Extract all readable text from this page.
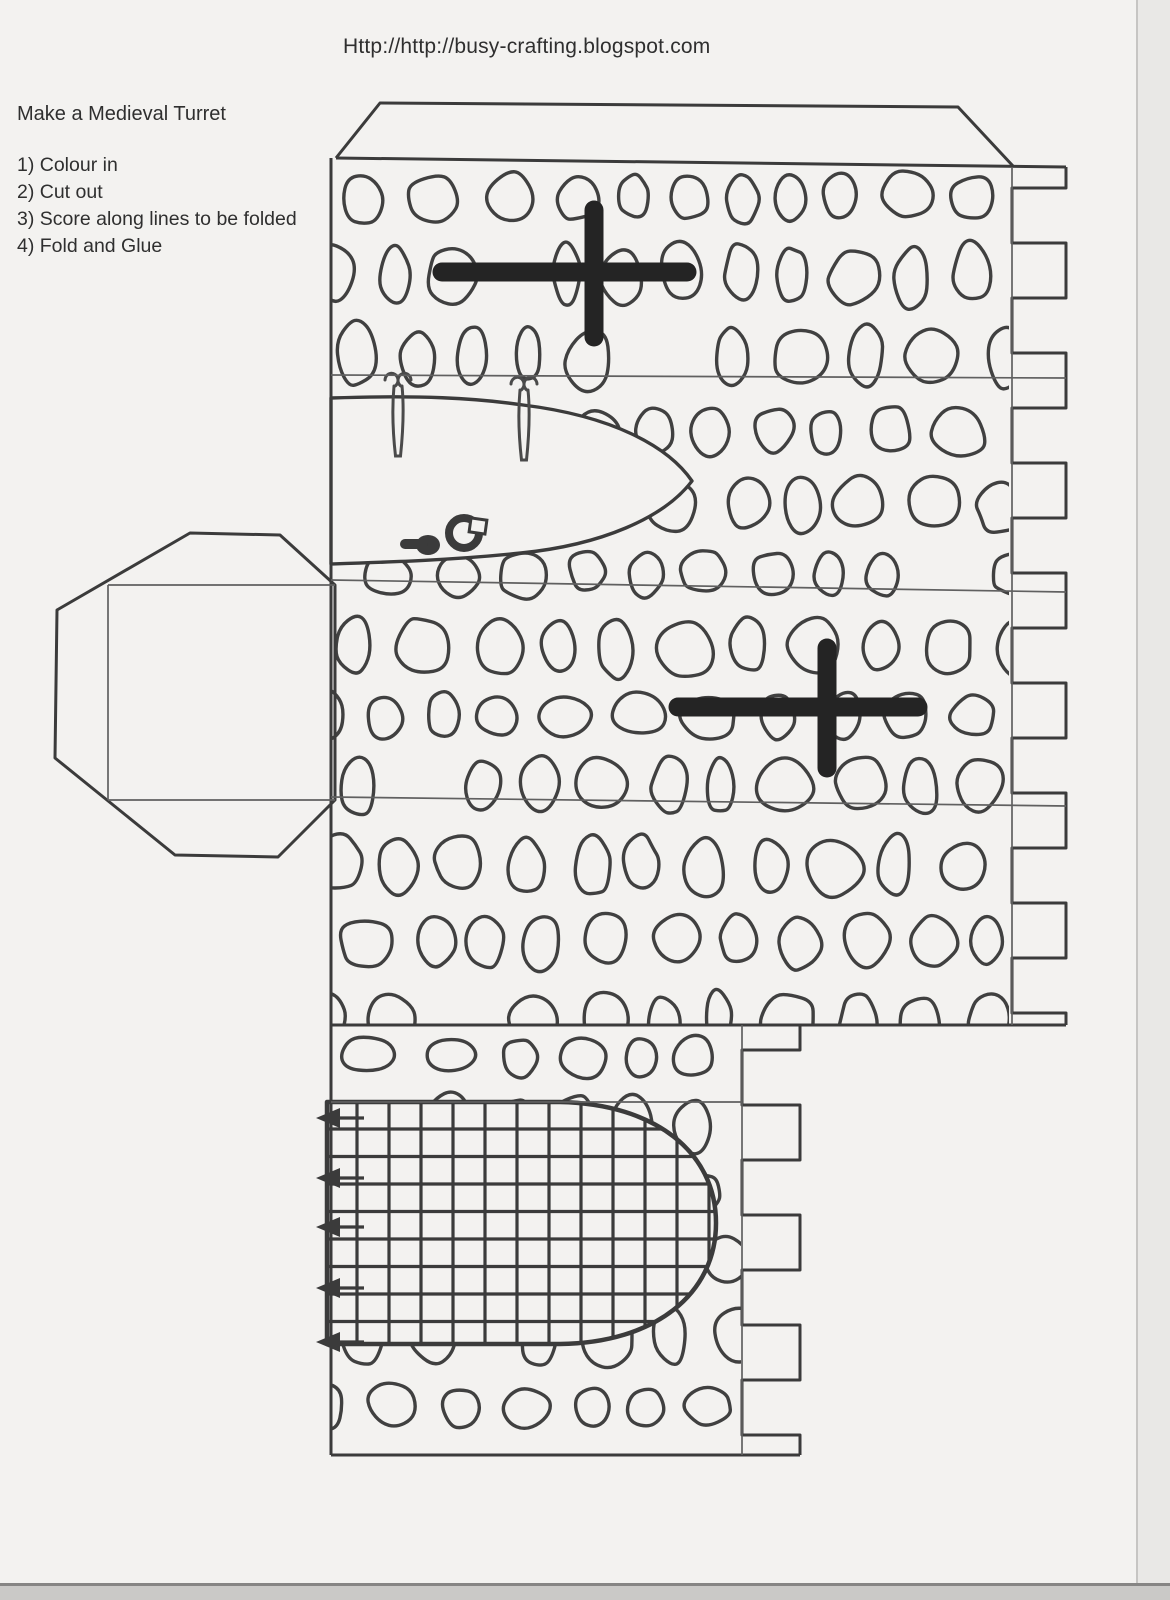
Http://http://busy-crafting.blogspot.com
Make a Medieval Turret
1) Colour in
2) Cut out
3) Score along lines to be folded
4) Fold and Glue
